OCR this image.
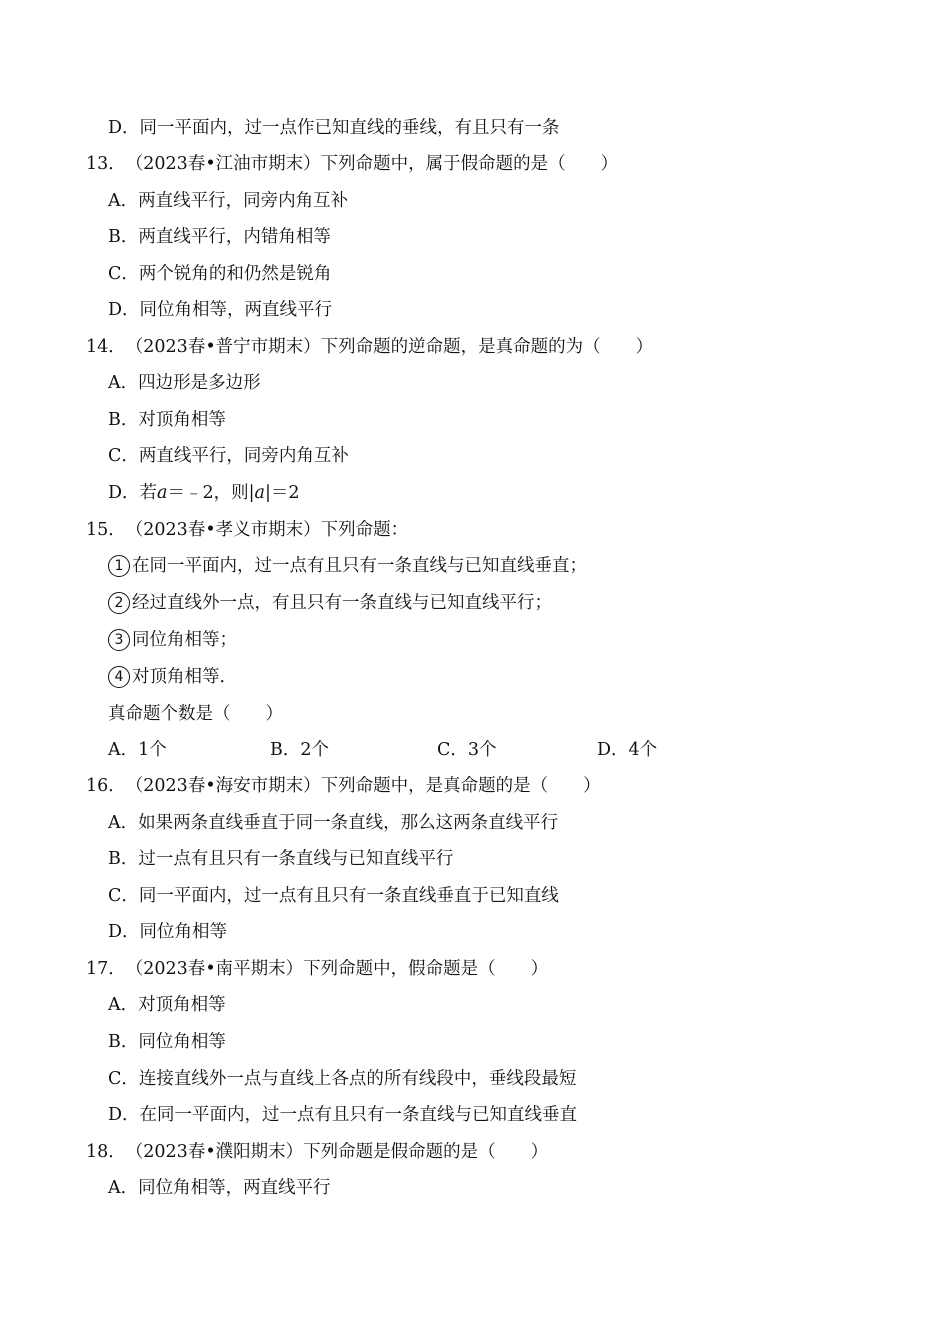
D．同一平面内，过一点作已知直线的垂线，有且只有一条
13．（2023春•江油市期末）下列命题中，属于假命题的是（　　）
A．两直线平行，同旁内角互补
B．两直线平行，内错角相等
C．两个锐角的和仍然是锐角
D．同位角相等，两直线平行
14．（2023春•普宁市期末）下列命题的逆命题，是真命题的为（　　）
A．四边形是多边形
B．对顶角相等
C．两直线平行，同旁内角互补
D．若a＝﹣2，则|a|＝2
15．（2023春•孝义市期末）下列命题：
1 在同一平面内，过一点有且只有一条直线与已知直线垂直；
2 经过直线外一点，有且只有一条直线与已知直线平行；
3 同位角相等；
4 对顶角相等．
真命题个数是（　　）
A．1个	B．2个	C．3个	D．4个
16．（2023春•海安市期末）下列命题中，是真命题的是（　　）
A．如果两条直线垂直于同一条直线，那么这两条直线平行
B．过一点有且只有一条直线与已知直线平行
C．同一平面内，过一点有且只有一条直线垂直于已知直线
D．同位角相等
17．（2023春•南平期末）下列命题中，假命题是（　　）
A．对顶角相等
B．同位角相等
C．连接直线外一点与直线上各点的所有线段中，垂线段最短
D．在同一平面内，过一点有且只有一条直线与已知直线垂直
18．（2023春•濮阳期末）下列命题是假命题的是（　　）
A．同位角相等，两直线平行
